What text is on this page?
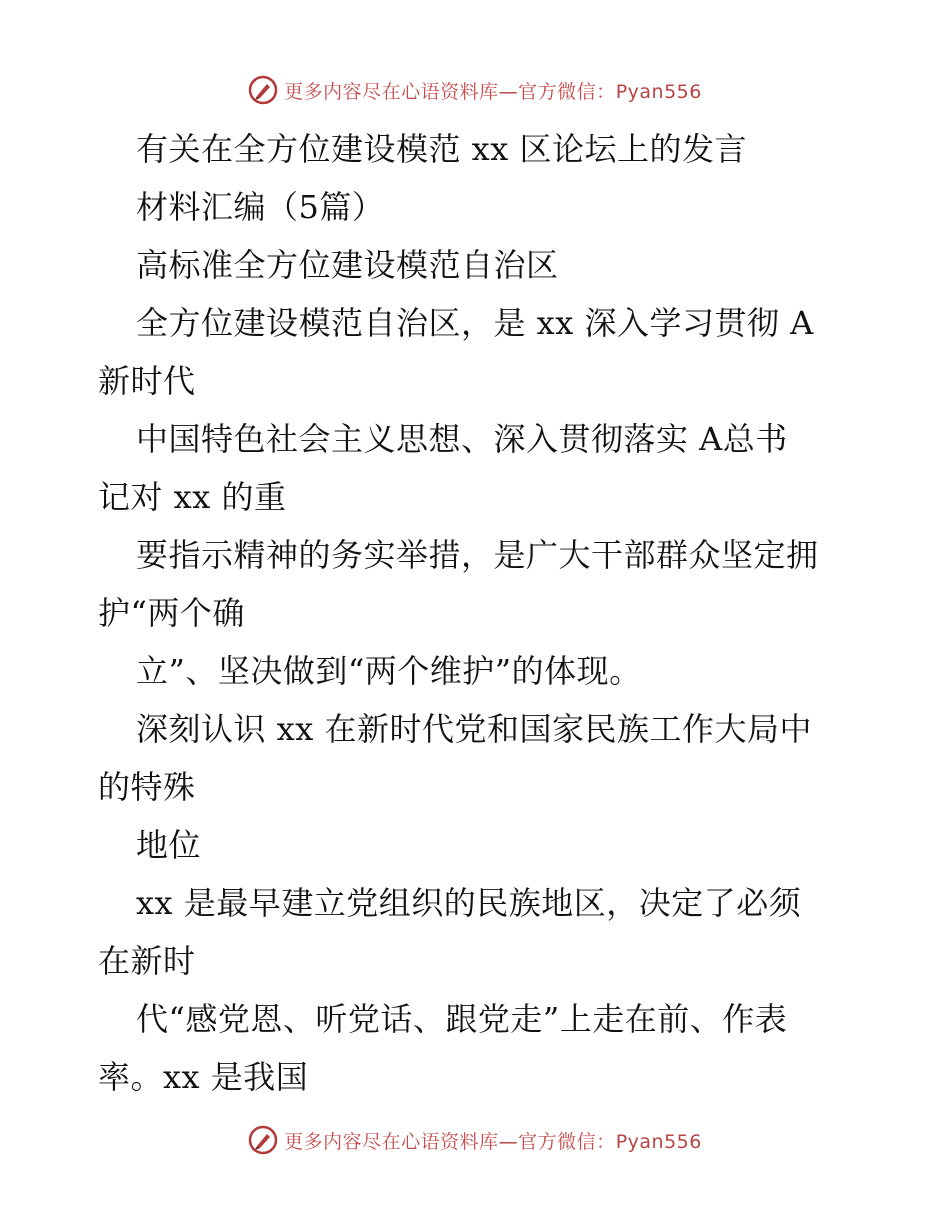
更多内容尽在心语资料库—官方微信：Pyan556
有关在全方位建设模范 xx 区论坛上的发言
材料汇编（5篇）
高标准全方位建设模范自治区
全方位建设模范自治区，是 xx 深入学习贯彻 A
新时代
中国特色社会主义思想、深入贯彻落实 A总书
记对 xx 的重
要指示精神的务实举措，是广大干部群众坚定拥
护“两个确
立”、坚决做到“两个维护”的体现。
深刻认识 xx 在新时代党和国家民族工作大局中
的特殊
地位
xx 是最早建立党组织的民族地区，决定了必须
在新时
代“感党恩、听党话、跟党走”上走在前、作表
率。xx 是我国
更多内容尽在心语资料库—官方微信：Pyan556
